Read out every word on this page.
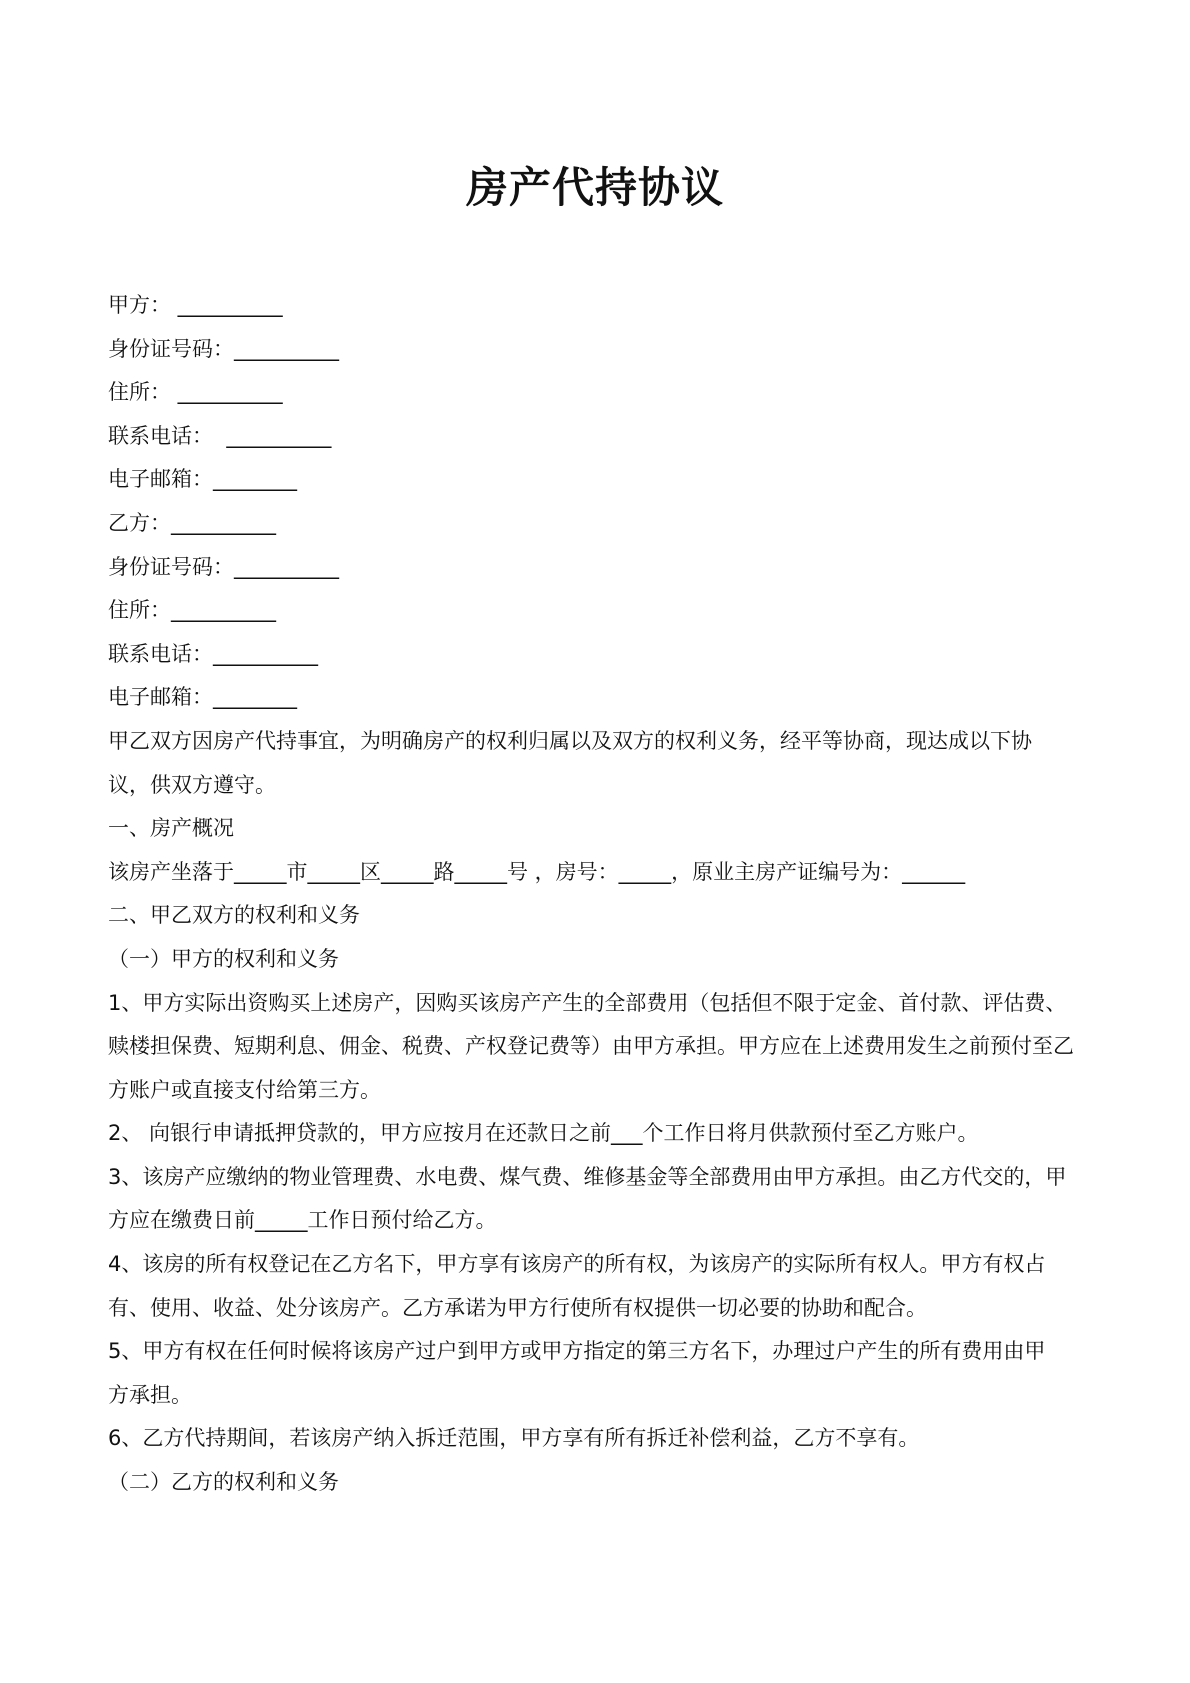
房产代持协议
甲方： __________
身份证号码：__________
住所： __________
联系电话：  __________
电子邮箱：________
乙方：__________
身份证号码：__________
住所：__________
联系电话：__________
电子邮箱：________
甲乙双方因房产代持事宜，为明确房产的权利归属以及双方的权利义务，经平等协商，现达成以下协
议，供双方遵守。
一、房产概况
该房产坐落于_____市_____区_____路_____号 ，房号：_____，原业主房产证编号为：______
二、甲乙双方的权利和义务
（一）甲方的权利和义务
1、甲方实际出资购买上述房产，因购买该房产产生的全部费用（包括但不限于定金、首付款、评估费、
赎楼担保费、短期利息、佣金、税费、产权登记费等）由甲方承担。甲方应在上述费用发生之前预付至乙
方账户或直接支付给第三方。
2、 向银行申请抵押贷款的，甲方应按月在还款日之前___个工作日将月供款预付至乙方账户。
3、该房产应缴纳的物业管理费、水电费、煤气费、维修基金等全部费用由甲方承担。由乙方代交的，甲
方应在缴费日前_____工作日预付给乙方。
4、该房的所有权登记在乙方名下，甲方享有该房产的所有权，为该房产的实际所有权人。甲方有权占
有、使用、收益、处分该房产。乙方承诺为甲方行使所有权提供一切必要的协助和配合。
5、甲方有权在任何时候将该房产过户到甲方或甲方指定的第三方名下，办理过户产生的所有费用由甲
方承担。
6、乙方代持期间，若该房产纳入拆迁范围，甲方享有所有拆迁补偿利益，乙方不享有。
（二）乙方的权利和义务
